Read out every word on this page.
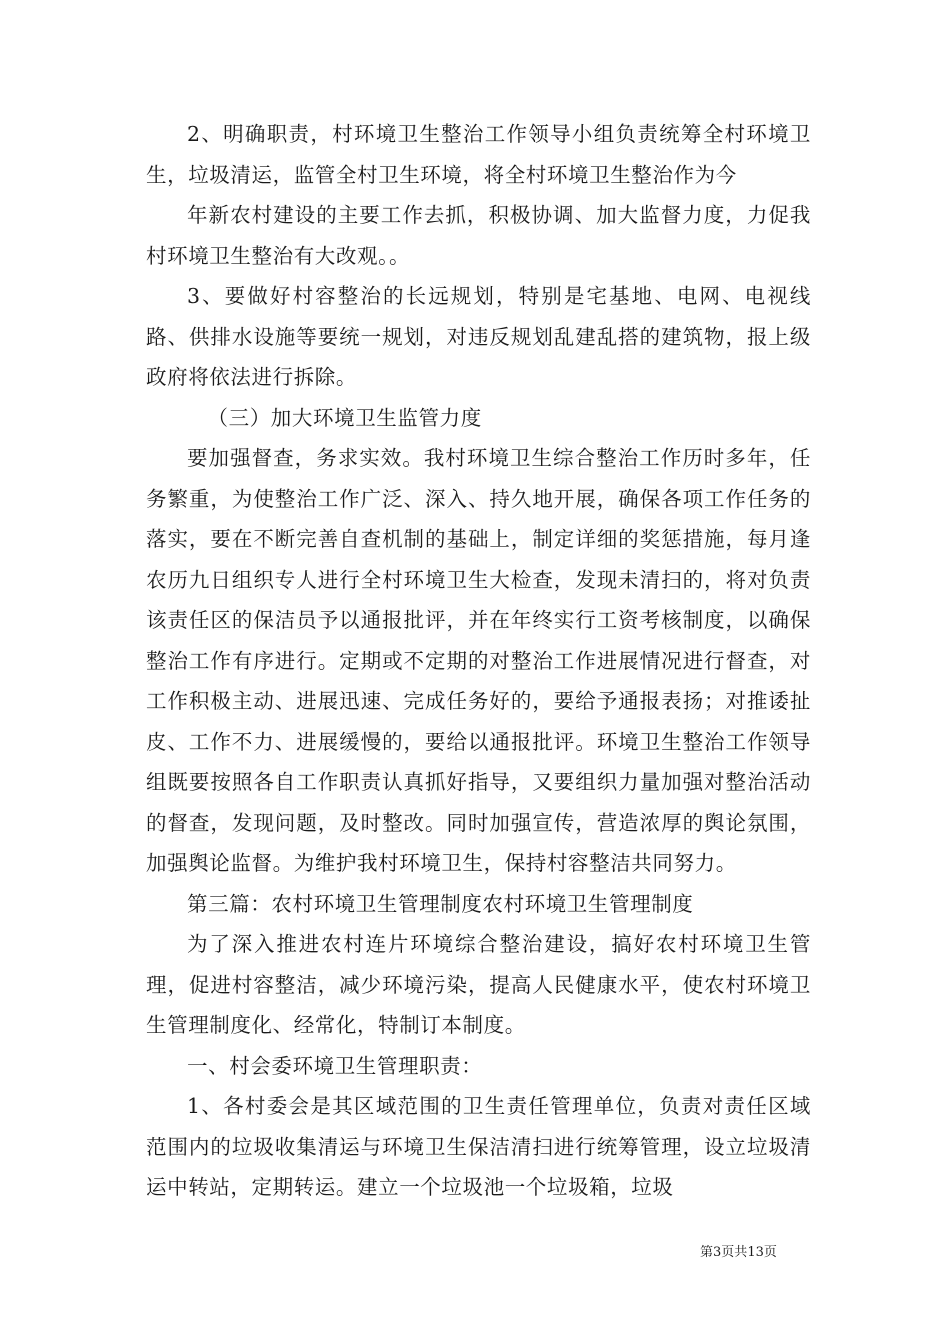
2、明确职责，村环境卫生整治工作领导小组负责统筹全村环境卫生，垃圾清运，监管全村卫生环境，将全村环境卫生整治作为今

年新农村建设的主要工作去抓，积极协调、加大监督力度，力促我村环境卫生整治有大改观。。

3、要做好村容整治的长远规划，特别是宅基地、电网、电视线路、供排水设施等要统一规划，对违反规划乱建乱搭的建筑物，报上级政府将依法进行拆除。

（三）加大环境卫生监管力度

要加强督查，务求实效。我村环境卫生综合整治工作历时多年，任务繁重，为使整治工作广泛、深入、持久地开展，确保各项工作任务的落实，要在不断完善自查机制的基础上，制定详细的奖惩措施，每月逢农历九日组织专人进行全村环境卫生大检查，发现未清扫的，将对负责该责任区的保洁员予以通报批评，并在年终实行工资考核制度，以确保整治工作有序进行。定期或不定期的对整治工作进展情况进行督查，对工作积极主动、进展迅速、完成任务好的，要给予通报表扬；对推诿扯皮、工作不力、进展缓慢的，要给以通报批评。环境卫生整治工作领导组既要按照各自工作职责认真抓好指导，又要组织力量加强对整治活动的督查，发现问题，及时整改。同时加强宣传，营造浓厚的舆论氛围，加强舆论监督。为维护我村环境卫生，保持村容整洁共同努力。

第三篇：农村环境卫生管理制度农村环境卫生管理制度

为了深入推进农村连片环境综合整治建设，搞好农村环境卫生管理，促进村容整洁，减少环境污染，提高人民健康水平，使农村环境卫生管理制度化、经常化，特制订本制度。

一、村会委环境卫生管理职责：

1、各村委会是其区域范围的卫生责任管理单位，负责对责任区域范围内的垃圾收集清运与环境卫生保洁清扫进行统筹管理，设立垃圾清运中转站，定期转运。建立一个垃圾池一个垃圾箱，垃圾

第3页共13页
